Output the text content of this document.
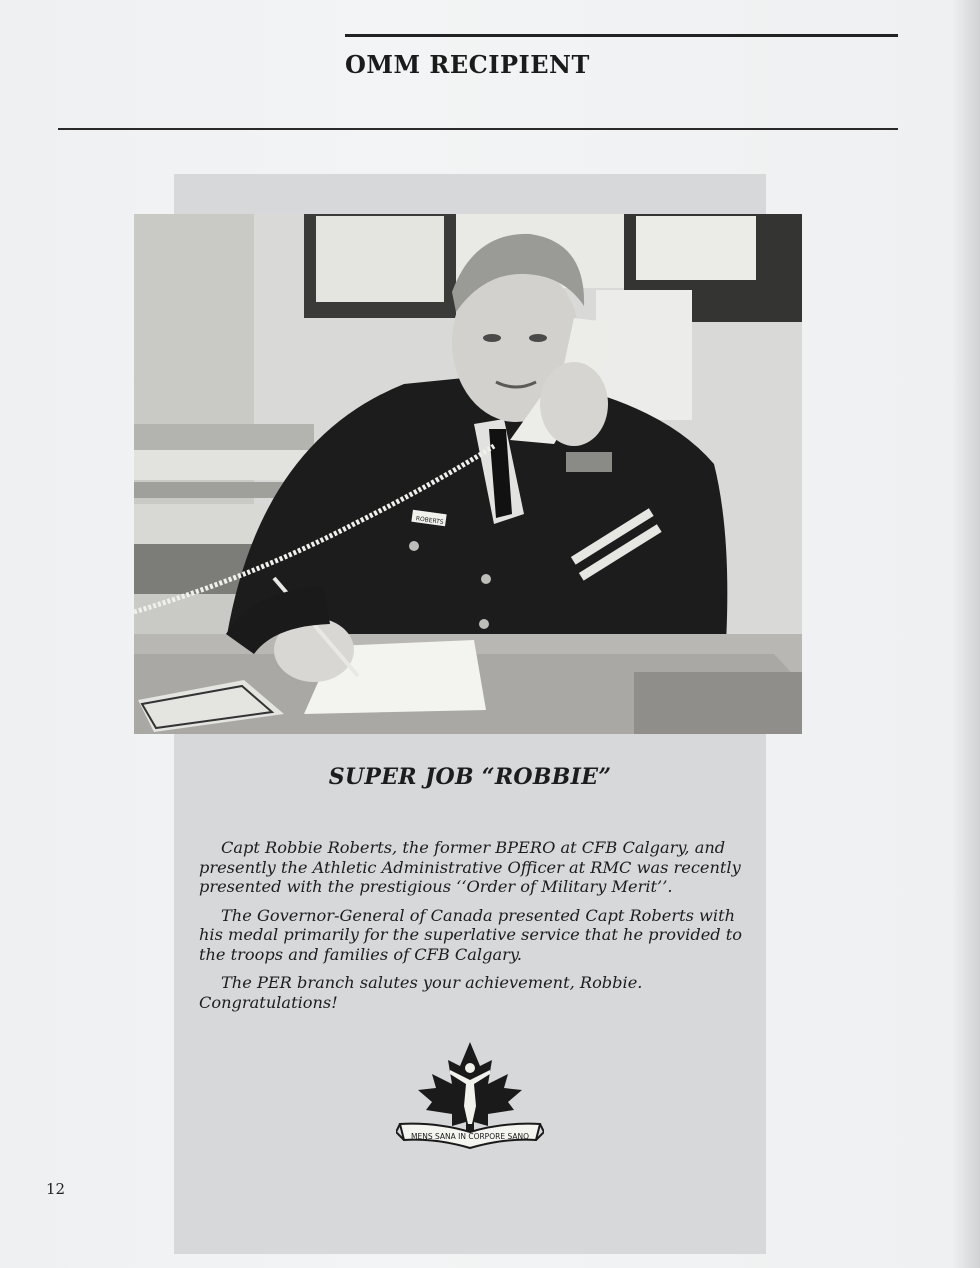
OMM RECIPIENT
ROBERTS
SUPER JOB “ROBBIE”

Capt Robbie Roberts, the former BPERO at CFB Calgary, and presently the Athletic Administrative Officer at RMC was recently presented with the prestigious ‘‘Order of Military Merit’’.

The Governor-General of Canada presented Capt Roberts with his medal primarily for the superlative service that he provided to the troops and families of CFB Calgary.

The PER branch salutes your achievement, Robbie. Congratulations!

MENS SANA IN CORPORE SANO
12
